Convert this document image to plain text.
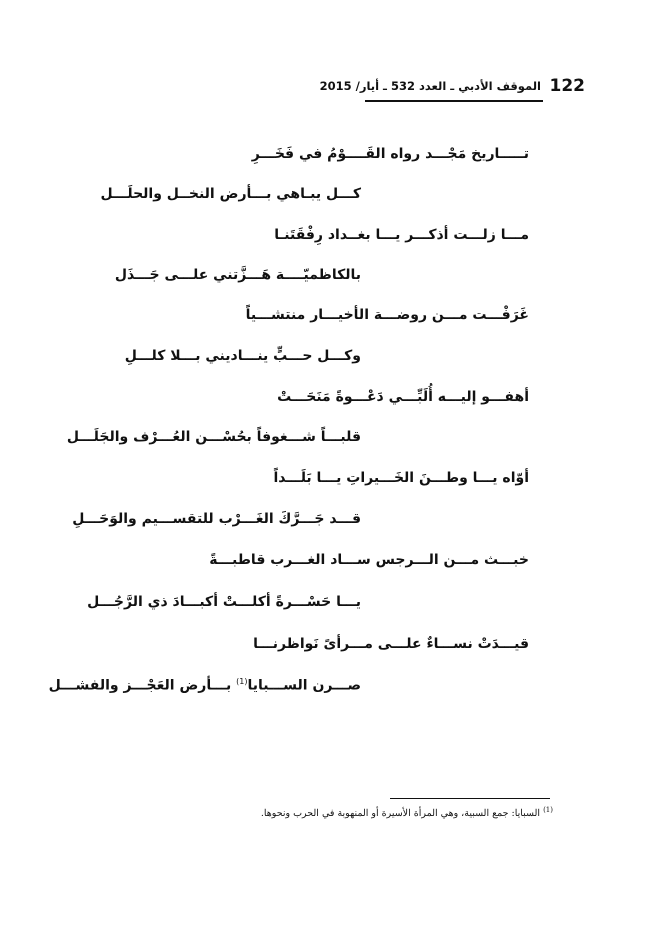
122
الموقف الأدبي ـ العدد 532 ـ أيار/ 2015
تـــــاريخ مَجْـــد رواه القَــــوْمُ في فَخَـــرِ
كـــل يبـاهي بـــأرض النخــل والحلَـــل
مـــا زلـــت أذكـــر يـــا بغــداد رِفْقَتَنـا
بالكاظميّــــة هَـــزَّتني علـــى جَـــذَل
غَرَفْـــت مـــن روضـــة الأخيـــار منتشـــياً
وكـــل حـــبٍّ ينـــاديني بـــلا كلـــلِ
أهفـــو إليـــه أُلَبِّـــي دَعْـــوةً مَنَحَـــتْ
قلبـــاً شـــغوفاً بحُسْـــن العُـــرْف والجَلَـــل
أوّاه يـــا وطـــنَ الخَـــيراتِ يـــا بَلَـــداً
قـــد جَـــرَّكَ الغَـــرْب للتقســـيم والوَحَـــلِ
خبـــث مـــن الـــرجس ســـاد الغـــرب قاطبـــةً
يـــا حَسْـــرةً أكلـــتْ أكبـــادَ ذي الرَّجُـــل
قيـــدَتْ نســـاءٌ علـــى مـــرأىً نَواظرنـــا
صـــرن الســـبايا$^{(1)}$ بـــأرض العَجْـــز والفشـــل
$^{(1)}$السبايا: جمع السبية، وهي المرأة الأسيرة أو المنهوبة في الحرب ونحوها.
